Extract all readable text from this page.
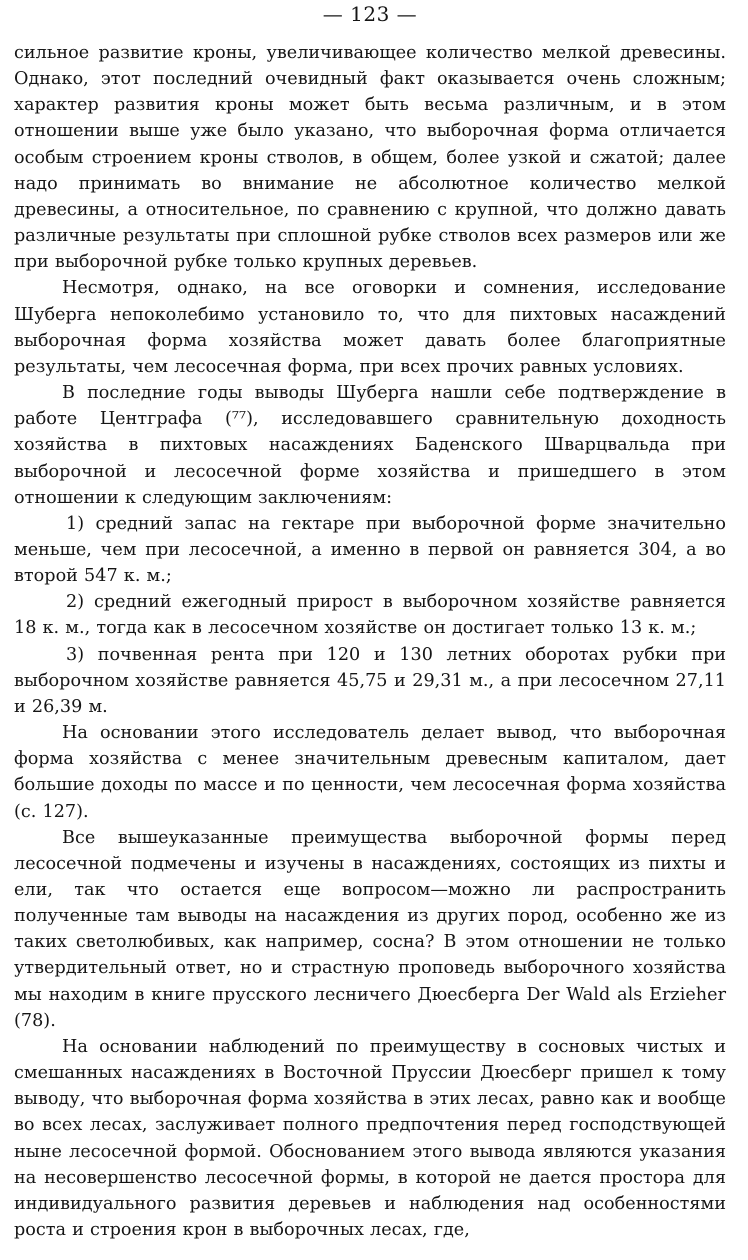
— 123 —

сильное развитие кроны, увеличивающее количество мелкой древесины. Однако, этот последний очевидный факт оказывается очень сложным; характер развития кроны может быть весьма различным, и в этом отношении выше уже было указано, что выборочная форма отличается особым строением кроны стволов, в общем, более узкой и сжатой; далее надо принимать во внимание не абсолютное количество мелкой древесины, а относительное, по сравнению с крупной, что должно давать различные результаты при сплошной рубке стволов всех размеров или же при выборочной рубке только крупных деревьев.

Несмотря, однако, на все оговорки и сомнения, исследование Шуберга непоколебимо установило то, что для пихтовых насаждений выборочная форма хозяйства может давать более благоприятные результаты, чем лесосечная форма, при всех прочих равных условиях.

В последние годы выводы Шуберга нашли себе подтверждение в работе Центграфа (⁷⁷), исследовавшего сравнительную доходность хозяйства в пихтовых насаждениях Баденского Шварцвальда при выборочной и лесосечной форме хозяйства и пришедшего в этом отношении к следующим заключениям:

1) средний запас на гектаре при выборочной форме значительно меньше, чем при лесосечной, а именно в первой он равняется 304, а во второй 547 к. м.;

2) средний ежегодный прирост в выборочном хозяйстве равняется 18 к. м., тогда как в лесосечном хозяйстве он достигает только 13 к. м.;

3) почвенная рента при 120 и 130 летних оборотах рубки при выборочном хозяйстве равняется 45,75 и 29,31 м., а при лесосечном 27,11 и 26,39 м.

На основании этого исследователь делает вывод, что выборочная форма хозяйства с менее значительным древесным капиталом, дает большие доходы по массе и по ценности, чем лесосечная форма хозяйства (с. 127).

Все вышеуказанные преимущества выборочной формы перед лесосечной подмечены и изучены в насаждениях, состоящих из пихты и ели, так что остается еще вопросом—можно ли распространить полученные там выводы на насаждения из других пород, особенно же из таких светолюбивых, как например, сосна? В этом отношении не только утвердительный ответ, но и страстную проповедь выборочного хозяйства мы находим в книге прусского лесничего Дюесберга Der Wald als Erzieher (78).

На основании наблюдений по преимуществу в сосновых чистых и смешанных насаждениях в Восточной Пруссии Дюесберг пришел к тому выводу, что выборочная форма хозяйства в этих лесах, равно как и вообще во всех лесах, заслуживает полного предпочтения перед господствующей ныне лесосечной формой. Обоснованием этого вывода являются указания на несовершенство лесосечной формы, в которой не дается простора для индивидуального развития деревьев и наблюдения над особенностями роста и строения крон в выборочных лесах, где,
